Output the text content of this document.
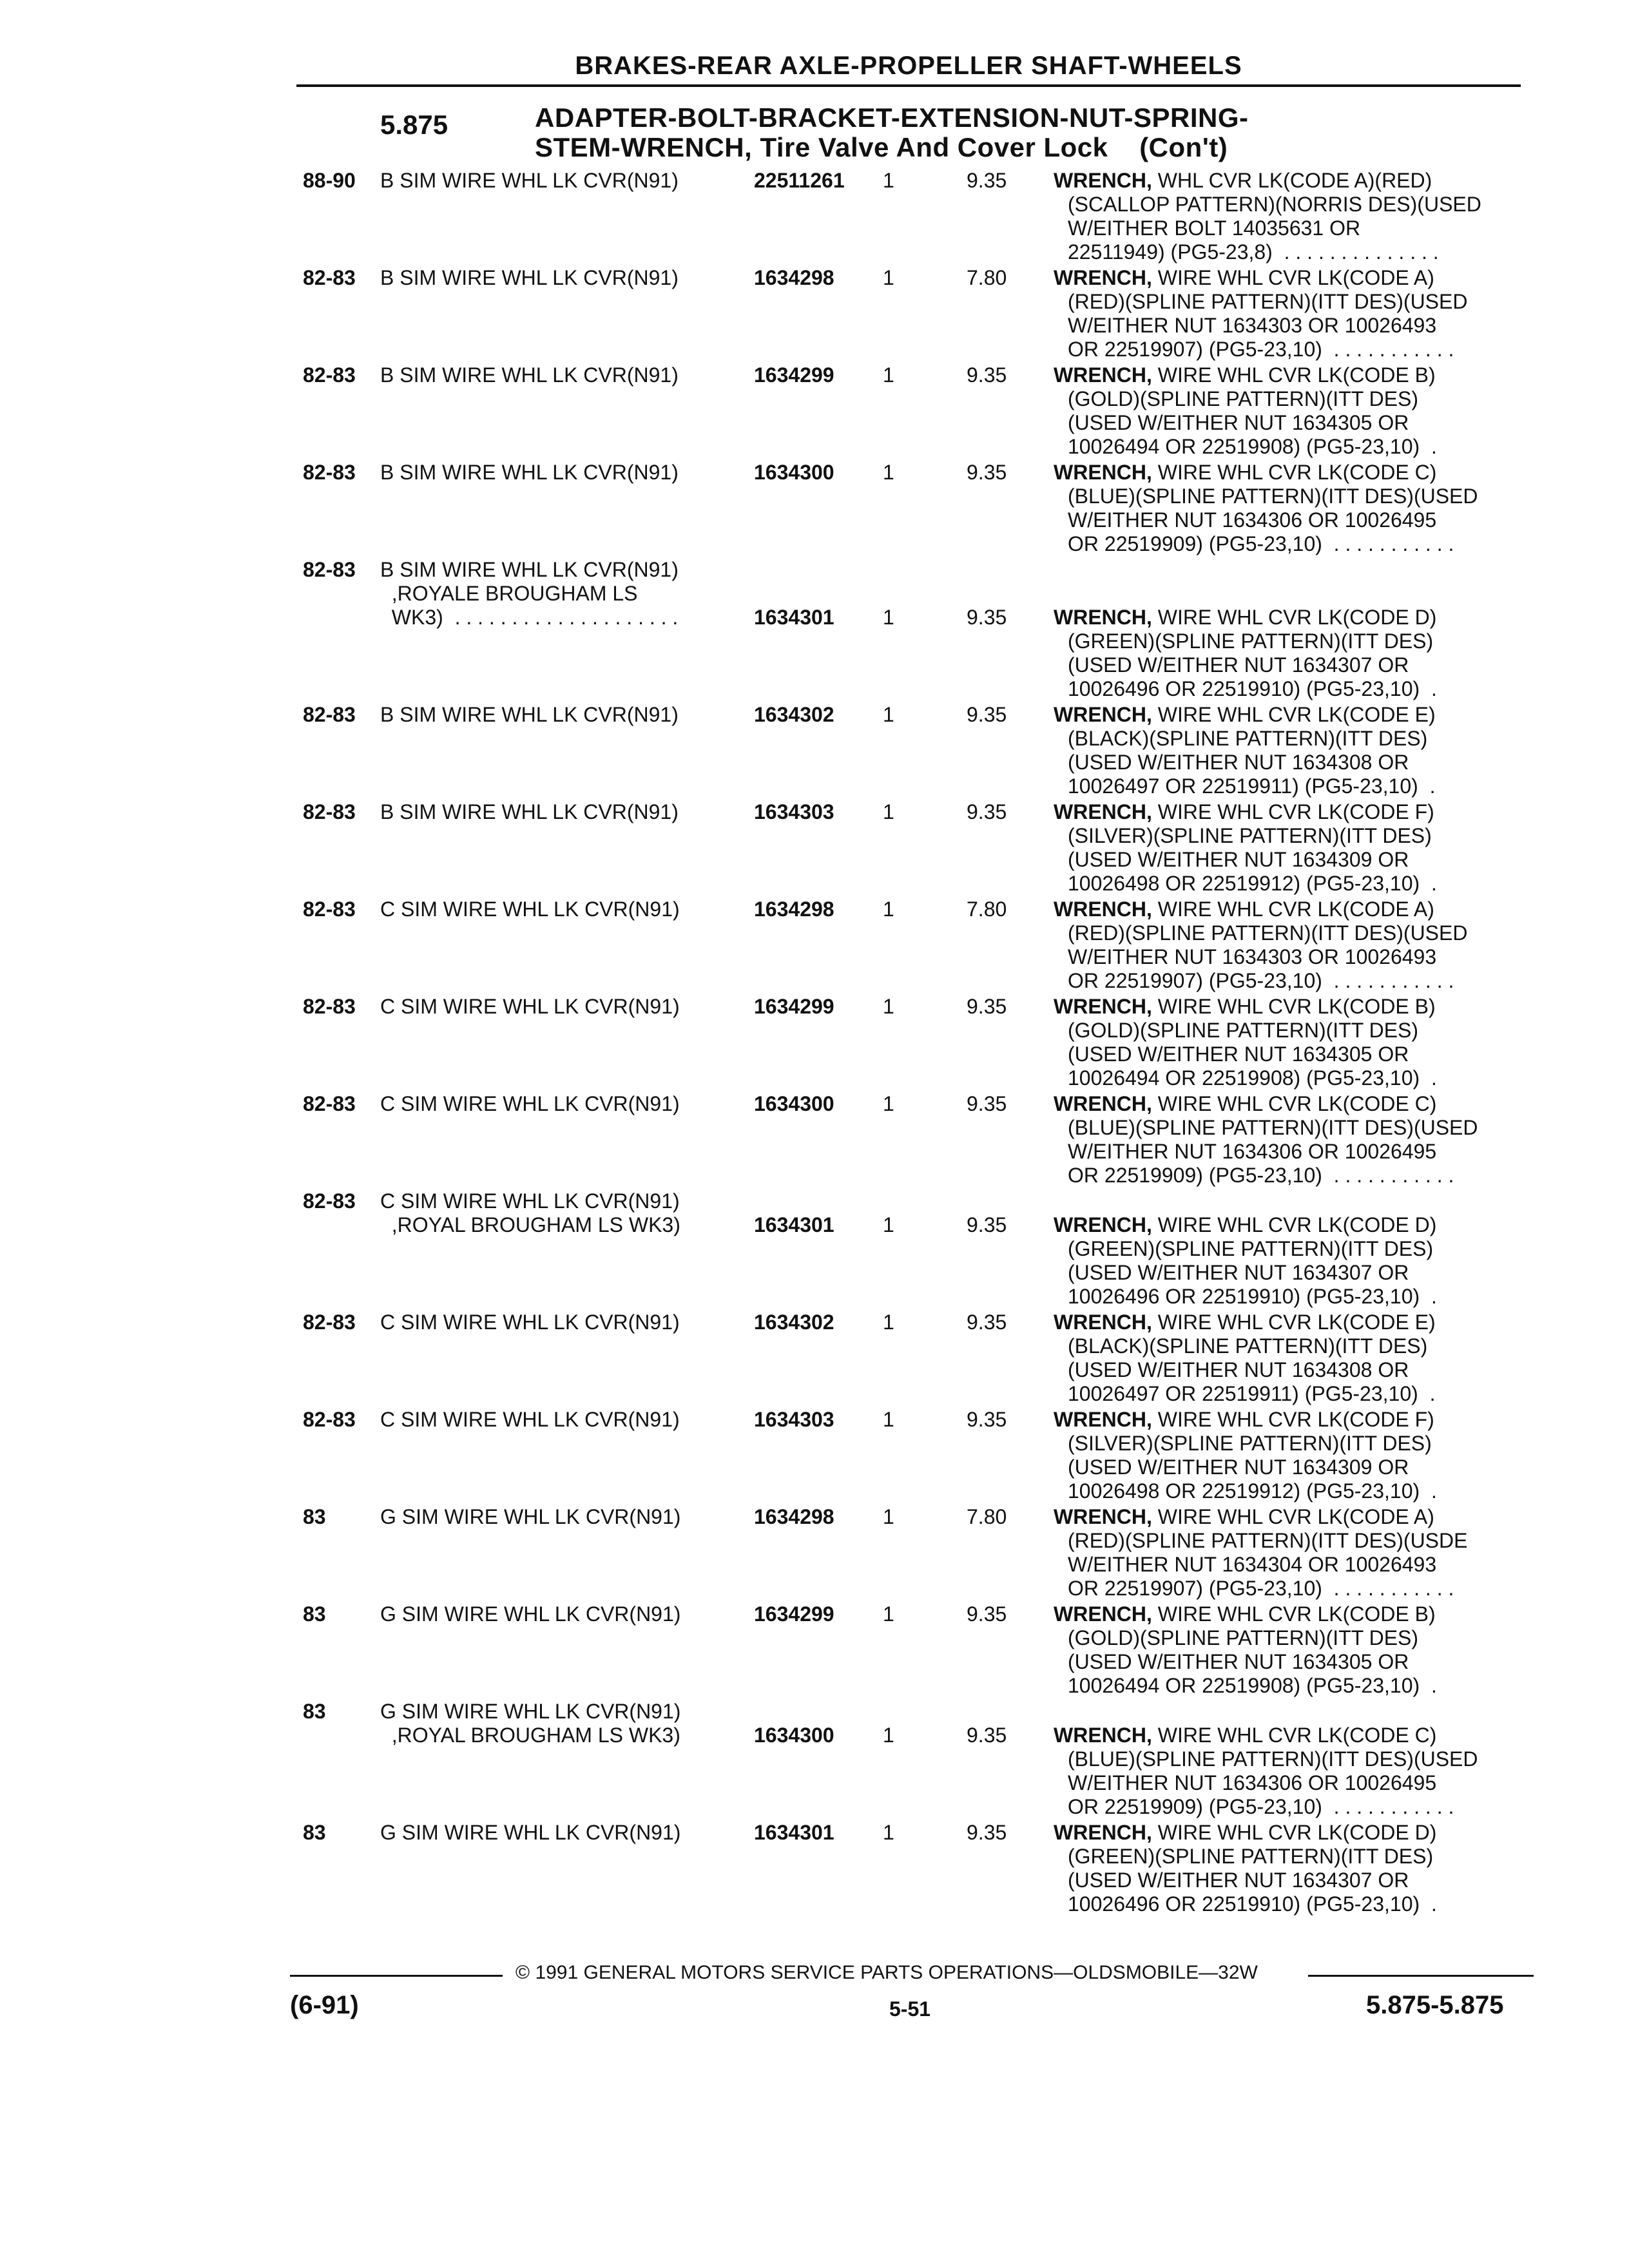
BRAKES-REAR AXLE-PROPELLER SHAFT-WHEELS
5.875	ADAPTER-BOLT-BRACKET-EXTENSION-NUT-SPRING-
STEM-WRENCH, Tire Valve And Cover Lock    (Con't)
88-90 B SIM WIRE WHL LK CVR(N91)	22511261 1	9.35 WRENCH, WHL CVR LK(CODE A)(RED)
(SCALLOP PATTERN)(NORRIS DES)(USED
W/EITHER BOLT 14035631 OR
22511949) (PG5-23,8)  . . . . . . . . . . . . . .
82-83 B SIM WIRE WHL LK CVR(N91)	1634298 1	7.80 WRENCH, WIRE WHL CVR LK(CODE A)
(RED)(SPLINE PATTERN)(ITT DES)(USED
W/EITHER NUT 1634303 OR 10026493
OR 22519907) (PG5-23,10)  . . . . . . . . . . .
82-83 B SIM WIRE WHL LK CVR(N91)	1634299 1	9.35 WRENCH, WIRE WHL CVR LK(CODE B)
(GOLD)(SPLINE PATTERN)(ITT DES)
(USED W/EITHER NUT 1634305 OR
10026494 OR 22519908) (PG5-23,10)  .
82-83 B SIM WIRE WHL LK CVR(N91)	1634300 1	9.35 WRENCH, WIRE WHL CVR LK(CODE C)
(BLUE)(SPLINE PATTERN)(ITT DES)(USED
W/EITHER NUT 1634306 OR 10026495
OR 22519909) (PG5-23,10)  . . . . . . . . . . .
82-83 B SIM WIRE WHL LK CVR(N91)
,ROYALE BROUGHAM LS
WK3)  . . . . . . . . . . . . . . . . . . . .	1634301 1	9.35 WRENCH, WIRE WHL CVR LK(CODE D)
(GREEN)(SPLINE PATTERN)(ITT DES)
(USED W/EITHER NUT 1634307 OR
10026496 OR 22519910) (PG5-23,10)  .
82-83 B SIM WIRE WHL LK CVR(N91)	1634302 1	9.35 WRENCH, WIRE WHL CVR LK(CODE E)
(BLACK)(SPLINE PATTERN)(ITT DES)
(USED W/EITHER NUT 1634308 OR
10026497 OR 22519911) (PG5-23,10)  .
82-83 B SIM WIRE WHL LK CVR(N91)	1634303 1	9.35 WRENCH, WIRE WHL CVR LK(CODE F)
(SILVER)(SPLINE PATTERN)(ITT DES)
(USED W/EITHER NUT 1634309 OR
10026498 OR 22519912) (PG5-23,10)  .
82-83 C SIM WIRE WHL LK CVR(N91)	1634298 1	7.80 WRENCH, WIRE WHL CVR LK(CODE A)
(RED)(SPLINE PATTERN)(ITT DES)(USED
W/EITHER NUT 1634303 OR 10026493
OR 22519907) (PG5-23,10)  . . . . . . . . . . .
82-83 C SIM WIRE WHL LK CVR(N91)	1634299 1	9.35 WRENCH, WIRE WHL CVR LK(CODE B)
(GOLD)(SPLINE PATTERN)(ITT DES)
(USED W/EITHER NUT 1634305 OR
10026494 OR 22519908) (PG5-23,10)  .
82-83 C SIM WIRE WHL LK CVR(N91)	1634300 1	9.35 WRENCH, WIRE WHL CVR LK(CODE C)
(BLUE)(SPLINE PATTERN)(ITT DES)(USED
W/EITHER NUT 1634306 OR 10026495
OR 22519909) (PG5-23,10)  . . . . . . . . . . .
82-83 C SIM WIRE WHL LK CVR(N91)
,ROYAL BROUGHAM LS WK3)	1634301 1	9.35 WRENCH, WIRE WHL CVR LK(CODE D)
(GREEN)(SPLINE PATTERN)(ITT DES)
(USED W/EITHER NUT 1634307 OR
10026496 OR 22519910) (PG5-23,10)  .
82-83 C SIM WIRE WHL LK CVR(N91)	1634302 1	9.35 WRENCH, WIRE WHL CVR LK(CODE E)
(BLACK)(SPLINE PATTERN)(ITT DES)
(USED W/EITHER NUT 1634308 OR
10026497 OR 22519911) (PG5-23,10)  .
82-83 C SIM WIRE WHL LK CVR(N91)	1634303 1	9.35 WRENCH, WIRE WHL CVR LK(CODE F)
(SILVER)(SPLINE PATTERN)(ITT DES)
(USED W/EITHER NUT 1634309 OR
10026498 OR 22519912) (PG5-23,10)  .
83	G SIM WIRE WHL LK CVR(N91)	1634298 1	7.80 WRENCH, WIRE WHL CVR LK(CODE A)
(RED)(SPLINE PATTERN)(ITT DES)(USDE
W/EITHER NUT 1634304 OR 10026493
OR 22519907) (PG5-23,10)  . . . . . . . . . . .
83	G SIM WIRE WHL LK CVR(N91)	1634299 1	9.35 WRENCH, WIRE WHL CVR LK(CODE B)
(GOLD)(SPLINE PATTERN)(ITT DES)
(USED W/EITHER NUT 1634305 OR
10026494 OR 22519908) (PG5-23,10)  .
83	G SIM WIRE WHL LK CVR(N91)
,ROYAL BROUGHAM LS WK3)	1634300 1	9.35 WRENCH, WIRE WHL CVR LK(CODE C)
(BLUE)(SPLINE PATTERN)(ITT DES)(USED
W/EITHER NUT 1634306 OR 10026495
OR 22519909) (PG5-23,10)  . . . . . . . . . . .
83	G SIM WIRE WHL LK CVR(N91)	1634301 1	9.35 WRENCH, WIRE WHL CVR LK(CODE D)
(GREEN)(SPLINE PATTERN)(ITT DES)
(USED W/EITHER NUT 1634307 OR
10026496 OR 22519910) (PG5-23,10)  .
© 1991 GENERAL MOTORS SERVICE PARTS OPERATIONS—OLDSMOBILE—32W
(6-91)	5-51	5.875-5.875
